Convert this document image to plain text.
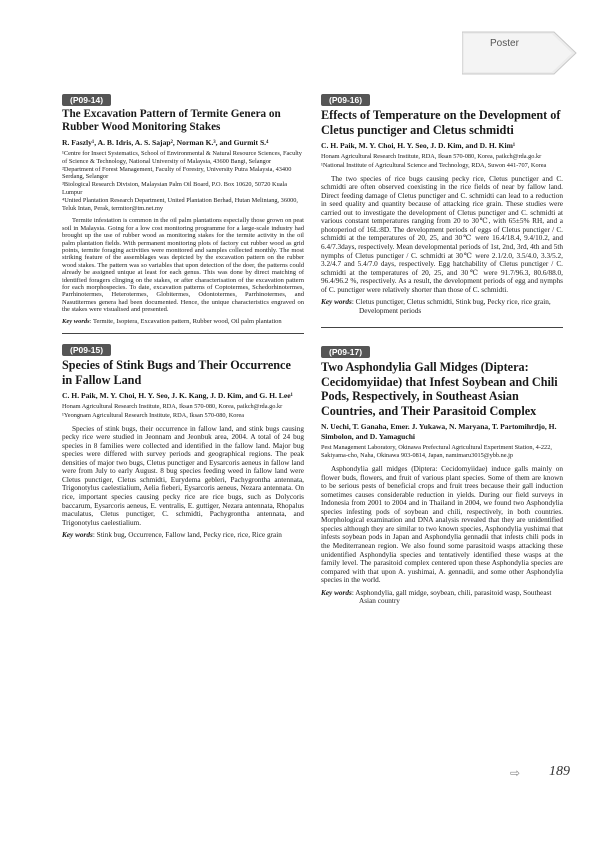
Poster
(P09-14)
The Excavation Pattern of Termite Genera on Rubber Wood Monitoring Stakes
R. Faszly¹, A. B. Idris, A. S. Sajap², Norman K.³, and Gurmit S.⁴
¹Centre for Insect Systematics, School of Environmental & Natural Resource Sciences, Faculty of Science & Technology, National University of Malaysia, 43600 Bangi, Selangor
²Department of Forest Management, Faculty of Forestry, University Putra Malaysia, 43400 Serdang, Selangor
³Biological Research Division, Malaysian Palm Oil Board, P.O. Box 10620, 50720 Kuala Lumpur
⁴United Plantation Research Department, United Plantation Berhad, Hutan Melintang, 36000, Teluk Intan, Perak, termitor@tm.net.my
Termite infestation is common in the oil palm plantations especially those grown on peat soil in Malaysia. Going for a low cost monitoring programme for a large-scale industry had brought up the use of rubber wood as monitoring stakes for the termite activity in the oil palm plantation fields. With permanent monitoring plots of factory cut rubber wood as grid points, termite foraging activities were monitored and samples collected monthly. The most striking feature of the assemblages was depicted by the excavation pattern on the rubber wood stakes. The pattern was so variables that upon detection of the doer, the patterns could already be assigned unique at least for each genus. This was done by direct matching of identified foragers clinging on the stakes, or after characterisation of the excavation pattern for each morphospecies. To date, excavation patterns of Coptotermes, Schedorhinotermes, Parrhinotermes, Heterotermes, Globitermes, Odontotermes, Parrhinotermes, and Nasutitermes genera had been documented. Hence, the unique characteristics engraved on the stakes were visualised and presented.
Key words: Termite, Isoptera, Excavation pattern, Rubber wood, Oil palm plantation
(P09-15)
Species of Stink Bugs and Their Occurrence in Fallow Land
C. H. Paik, M. Y. Choi, H. Y. Seo, J. K. Kang, J. D. Kim, and G. H. Lee¹
Honam Agricultural Research Institute, RDA, Iksan 570-080, Korea, paikch@rda.go.kr
¹Yeongnam Agricultural Research Institute, RDA, Iksan 570-080, Korea
Species of stink bugs, their occurrence in fallow land, and stink bugs causing pecky rice were studied in Jeonnam and Jeonbuk area, 2004. A total of 24 bug species in 8 families were collected and identified in the fallow land. Major bug species were differed with survey periods and geographical regions. The peak densities of major two bugs, Cletus punctiger and Eysarcoris aeneus in fallow land were from July to early August. 8 bug species feeding weed in fallow land were Cletus punctiger, Cletus schmidti, Eurydema gebleri, Pachygrontha antennata, Trigonotylus caelestialium, Aelia fieberi, Eysarcoris aeneus, Nezara antennata. On rice, important species causing pecky rice are rice bugs, such as Dolycoris baccarum, Eysarcoris aeneus, E. ventralis, E. guttiger, Nezara antennata, Rhopalus maculatus, Cletus punctiger, C. schmidti, Pachygrontha antennata, and Trigonotylus caelestialium.
Key words: Stink bug, Occurrence, Fallow land, Pecky rice, rice, Rice grain
(P09-16)
Effects of Temperature on the Development of Cletus punctiger and Cletus schmidti
C. H. Paik, M. Y. Choi, H. Y. Seo, J. D. Kim, and D. H. Kim¹
Honam Agricultural Research Institute, RDA, Iksan 570-080, Korea, paikch@rda.go.kr
¹National Institute of Agricultural Science and Technology, RDA, Suwon 441-707, Korea
The two species of rice bugs causing pecky rice, Cletus punctiger and C. schmidti are often observed coexisting in the rice fields of near by fallow land. Direct feeding damage of Cletus punctiger and C. schmidti can lead to a reduction in seed quality and quantity because of attacking rice grain. These studies were carried out to investigate the development of Cletus punctiger and C. schmidti at various constant temperatures ranging from 20 to 30℃, with 65±5% RH, and a photoperiod of 16L:8D. The development periods of eggs of Cletus punctiger / C. schmidti at the temperatures of 20, 25, and 30℃ were 16.4/18.4, 9.4/10.2, and 6.4/7.3days, respectively. Mean developmental periods of 1st, 2nd, 3rd, 4th and 5th nymphs of Cletus punctiger / C. schmidti at 30℃ were 2.1/2.0, 3.5/4.0, 3.3/5.2, 3.2/4.7 and 5.4/7.0 days, respectively. Egg hatchability of Cletus punctiger / C. schmidti at the temperatures of 20, 25, and 30℃ were 91.7/96.3, 80.6/88.0, 96.4/96.2 %, respectively. As a result, the development periods of egg and nymphs of C. punctiger were relatively shorter than those of C. schmidti.
Key words: Cletus punctiger, Cletus schmidti, Stink bug, Pecky rice, rice grain, Development periods
(P09-17)
Two Asphondylia Gall Midges (Diptera: Cecidomyiidae) that Infest Soybean and Chili Pods, Respectively, in Southeast Asian Countries, and Their Parasitoid Complex
N. Uechi, T. Ganaha, Emer. J. Yukawa, N. Maryana, T. Partomihrdjo, H. Simbolon, and D. Yamaguchi
Pest Management Laboratory, Okinawa Prefectural Agricultural Experiment Station, 4-222, Sakiyama-cho, Naha, Okinawa 903-0814, Japan, namimaru3015@ybb.ne.jp
Asphondylia gall midges (Diptera: Cecidomyiidae) induce galls mainly on flower buds, flowers, and fruit of various plant species. Some of them are known to be serious pests of beneficial crops and fruit trees because their gall induction sometimes causes considerable reduction in yields. During our field surveys in Indonesia from 2001 to 2004 and in Thailand in 2004, we found two Asphondylia species infesting pods of soybean and chili, respectively, in both countries. Morphological examination and DNA analysis revealed that they are unidentified species although they are similar to two known species, Asphondylia yushimai that infests soybean pods in Japan and Asphondylia gennadii that infests chili pods in the Mediterranean region. We also found some parasitoid wasps attacking these unidentified Asphondylia species and tentatively identified these wasps at the family level. The parasitoid complex centered upon these Asphondylia species are compared with that upon A. yushimai, A. gennadii, and some other Asphondylia species in the world.
Key words: Asphondylia, gall midge, soybean, chili, parasitoid wasp, Southeast Asian country
⇨ 189
